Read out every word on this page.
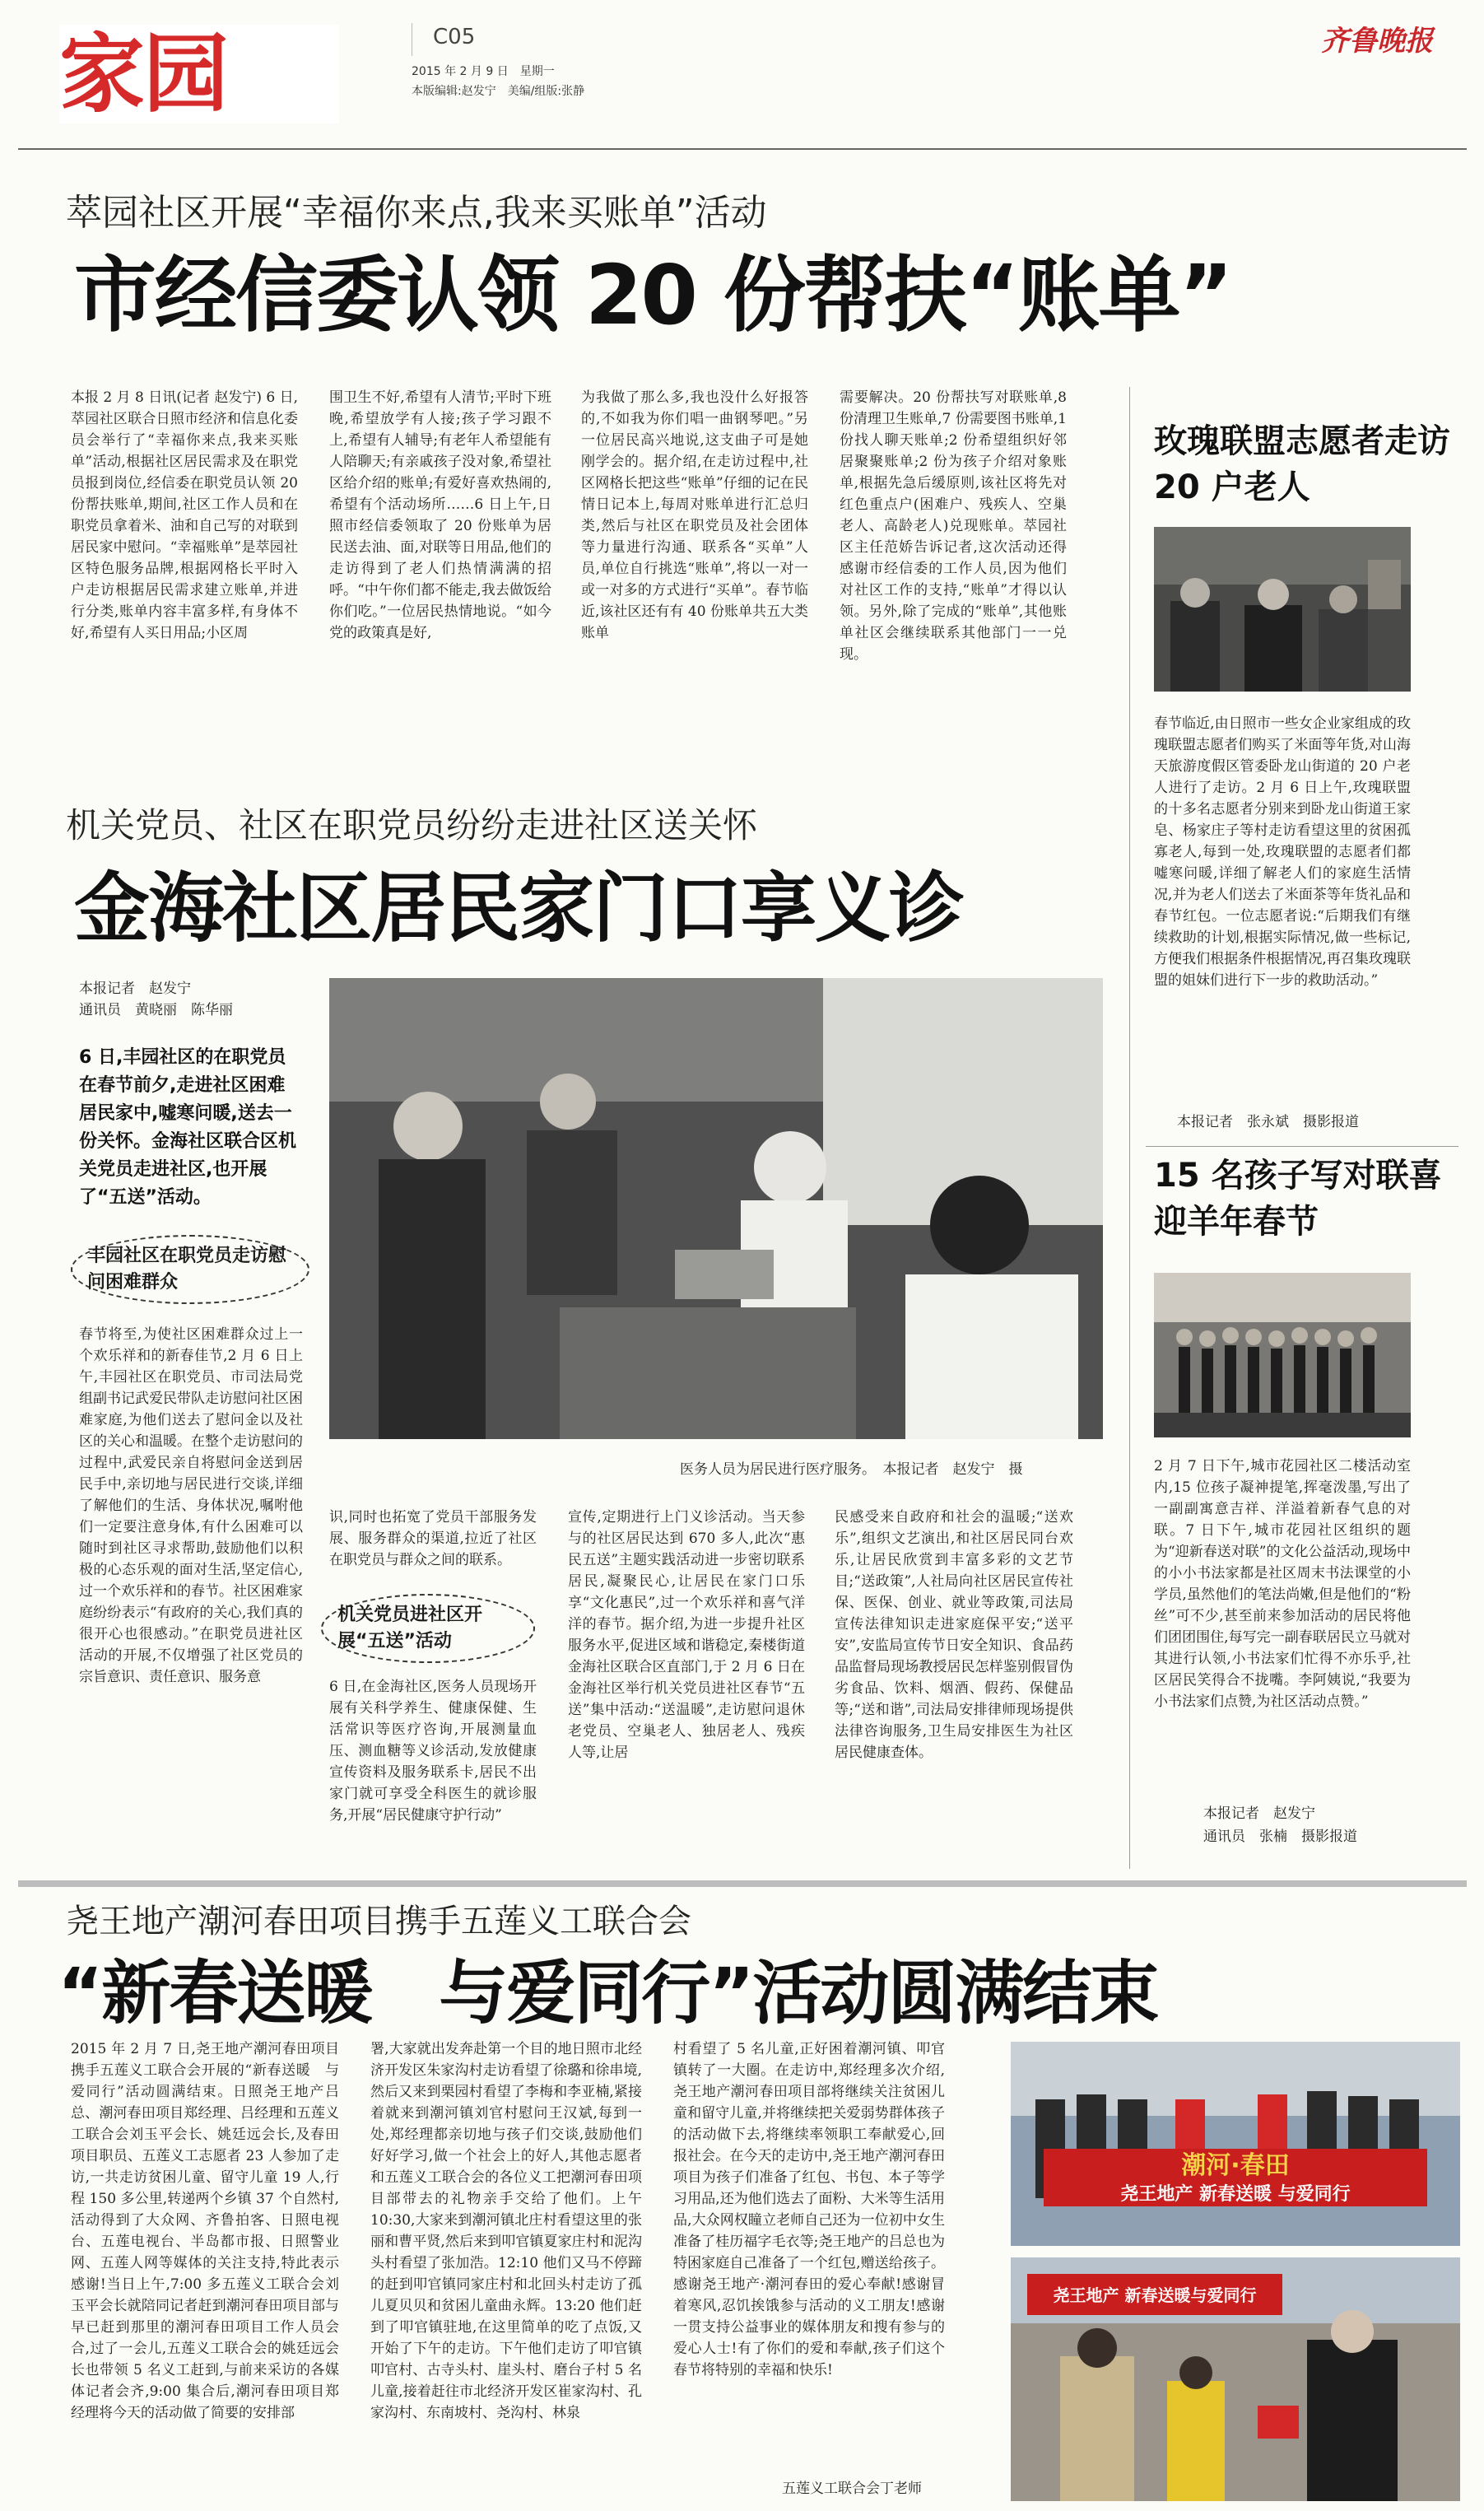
家园	C05
2015 年 2 月 9 日　星期一
本版编辑:赵发宁　美编/组版:张静
齐鲁晚报
萃园社区开展“幸福你来点,我来买账单”活动
市经信委认领 20 份帮扶“账单”
本报 2 月 8 日讯(记者 赵发宁) 6 日,萃园社区联合日照市经济和信息化委员会举行了“幸福你来点,我来买账单”活动,根据社区居民需求及在职党员报到岗位,经信委在职党员认领 20 份帮扶账单,期间,社区工作人员和在职党员拿着米、油和自己写的对联到居民家中慰问。“幸福账单”是萃园社区特色服务品牌,根据网格长平时入户走访根据居民需求建立账单,并进行分类,账单内容丰富多样,有身体不好,希望有人买日用品;小区周
围卫生不好,希望有人清节;平时下班晚,希望放学有人接;孩子学习跟不上,希望有人辅导;有老年人希望能有人陪聊天;有亲戚孩子没对象,希望社区给介绍的账单;有爱好喜欢热闹的,希望有个活动场所……6 日上午,日照市经信委领取了 20 份账单为居民送去油、面,对联等日用品,他们的走访得到了老人们热情满满的招呼。“中午你们都不能走,我去做饭给你们吃。”一位居民热情地说。“如今党的政策真是好,
为我做了那么多,我也没什么好报答的,不如我为你们唱一曲钢琴吧。”另一位居民高兴地说,这支曲子可是她刚学会的。据介绍,在走访过程中,社区网格长把这些“账单”仔细的记在民情日记本上,每周对账单进行汇总归类,然后与社区在职党员及社会团体等力量进行沟通、联系各“买单”人员,单位自行挑选“账单”,将以一对一或一对多的方式进行“买单”。春节临近,该社区还有有 40 份账单共五大类账单
需要解决。20 份帮扶写对联账单,8 份清理卫生账单,7 份需要图书账单,1 份找人聊天账单;2 份希望组织好邻居聚聚账单;2 份为孩子介绍对象账单,根据先急后缓原则,该社区将先对红色重点户(困难户、残疾人、空巢老人、高龄老人)兑现账单。萃园社区主任范娇告诉记者,这次活动还得感谢市经信委的工作人员,因为他们对社区工作的支持,“账单”才得以认领。另外,除了完成的“账单”,其他账单社区会继续联系其他部门一一兑现。
玫瑰联盟志愿者走访 20 户老人
春节临近,由日照市一些女企业家组成的玫瑰联盟志愿者们购买了米面等年货,对山海天旅游度假区管委卧龙山街道的 20 户老人进行了走访。2 月 6 日上午,玫瑰联盟的十多名志愿者分别来到卧龙山街道王家皂、杨家庄子等村走访看望这里的贫困孤寡老人,每到一处,玫瑰联盟的志愿者们都嘘寒问暖,详细了解老人们的家庭生活情况,并为老人们送去了米面茶等年货礼品和春节红包。一位志愿者说:“后期我们有继续救助的计划,根据实际情况,做一些标记,方便我们根据条件根据情况,再召集玫瑰联盟的姐妹们进行下一步的救助活动。”
本报记者　张永斌　摄影报道
15 名孩子写对联喜迎羊年春节
2 月 7 日下午,城市花园社区二楼活动室内,15 位孩子凝神提笔,挥毫泼墨,写出了一副副寓意吉祥、洋溢着新春气息的对联。7 日下午,城市花园社区组织的题为“迎新春送对联”的文化公益活动,现场中的小小书法家都是社区周末书法课堂的小学员,虽然他们的笔法尚嫩,但是他们的“粉丝”可不少,甚至前来参加活动的居民将他们团团围住,每写完一副春联居民立马就对其进行认领,小书法家们忙得不亦乐乎,社区居民笑得合不拢嘴。李阿姨说,“我要为小书法家们点赞,为社区活动点赞。”
本报记者　赵发宁
通讯员　张楠　摄影报道
机关党员、社区在职党员纷纷走进社区送关怀
金海社区居民家门口享义诊
本报记者　赵发宁
通讯员　黄晓丽　陈华丽
6 日,丰园社区的在职党员在春节前夕,走进社区困难居民家中,嘘寒问暖,送去一份关怀。金海社区联合区机关党员走进社区,也开展了“五送”活动。
丰园社区在职党员走访慰问困难群众
春节将至,为使社区困难群众过上一个欢乐祥和的新春佳节,2 月 6 日上午,丰园社区在职党员、市司法局党组副书记武爱民带队走访慰问社区困难家庭,为他们送去了慰问金以及社区的关心和温暖。在整个走访慰问的过程中,武爱民亲自将慰问金送到居民手中,亲切地与居民进行交谈,详细了解他们的生活、身体状况,嘱咐他们一定要注意身体,有什么困难可以随时到社区寻求帮助,鼓励他们以积极的心态乐观的面对生活,坚定信心,过一个欢乐祥和的春节。社区困难家庭纷纷表示“有政府的关心,我们真的很开心也很感动。”在职党员进社区活动的开展,不仅增强了社区党员的宗旨意识、责任意识、服务意
医务人员为居民进行医疗服务。　本报记者　赵发宁　摄
识,同时也拓宽了党员干部服务发展、服务群众的渠道,拉近了社区在职党员与群众之间的联系。
机关党员进社区开展“五送”活动
6 日,在金海社区,医务人员现场开展有关科学养生、健康保健、生活常识等医疗咨询,开展测量血压、测血糖等义诊活动,发放健康宣传资料及服务联系卡,居民不出家门就可享受全科医生的就诊服务,开展“居民健康守护行动”
宣传,定期进行上门义诊活动。当天参与的社区居民达到 670 多人,此次“惠民五送”主题实践活动进一步密切联系居民,凝聚民心,让居民在家门口乐享“文化惠民”,过一个欢乐祥和喜气洋洋的春节。据介绍,为进一步提升社区服务水平,促进区域和谐稳定,秦楼街道金海社区联合区直部门,于 2 月 6 日在金海社区举行机关党员进社区春节“五送”集中活动:“送温暖”,走访慰问退休老党员、空巢老人、独居老人、残疾人等,让居
民感受来自政府和社会的温暖;“送欢乐”,组织文艺演出,和社区居民同台欢乐,让居民欣赏到丰富多彩的文艺节目;“送政策”,人社局向社区居民宣传社保、医保、创业、就业等政策,司法局宣传法律知识走进家庭保平安;“送平安”,安监局宣传节日安全知识、食品药品监督局现场教授居民怎样鉴别假冒伪劣食品、饮料、烟酒、假药、保健品等;“送和谐”,司法局安排律师现场提供法律咨询服务,卫生局安排医生为社区居民健康查体。
尧王地产潮河春田项目携手五莲义工联合会
“新春送暖　与爱同行”活动圆满结束
2015 年 2 月 7 日,尧王地产潮河春田项目携手五莲义工联合会开展的“新春送暖　与爱同行”活动圆满结束。日照尧王地产吕总、潮河春田项目郑经理、吕经理和五莲义工联合会刘玉平会长、姚廷远会长,及春田项目职员、五莲义工志愿者 23 人参加了走访,一共走访贫困儿童、留守儿童 19 人,行程 150 多公里,转递两个乡镇 37 个自然村,活动得到了大众网、齐鲁拍客、日照电视台、五莲电视台、半岛都市报、日照警业网、五莲人网等媒体的关注支持,特此表示感谢!当日上午,7:00 多五莲义工联合会刘玉平会长就陪同记者赶到潮河春田项目部与早已赶到那里的潮河春田项目工作人员会合,过了一会儿,五莲义工联合会的姚廷远会长也带领 5 名义工赶到,与前来采访的各媒体记者会齐,9:00 集合后,潮河春田项目郑经理将今天的活动做了简要的安排部
署,大家就出发奔赴第一个目的地日照市北经济开发区朱家沟村走访看望了徐璐和徐串境,然后又来到栗园村看望了李梅和李亚楠,紧接着就来到潮河镇刘官村慰问王汉斌,每到一处,郑经理都亲切地与孩子们交谈,鼓励他们好好学习,做一个社会上的好人,其他志愿者和五莲义工联合会的各位义工把潮河春田项目部带去的礼物亲手交给了他们。上午 10:30,大家来到潮河镇北庄村看望这里的张丽和曹平贤,然后来到叩官镇夏家庄村和泥沟头村看望了张加浩。12:10 他们又马不停蹄的赶到叩官镇同家庄村和北回头村走访了孤儿夏贝贝和贫困儿童曲永辉。13:20 他们赶到了叩官镇驻地,在这里简单的吃了点饭,又开始了下午的走访。下午他们走访了叩官镇叩官村、古寺头村、崖头村、磨台子村 5 名儿童,接着赶往市北经济开发区崔家沟村、孔家沟村、东南坡村、尧沟村、林泉
村看望了 5 名儿童,正好困着潮河镇、叩官镇转了一大圈。在走访中,郑经理多次介绍,尧王地产潮河春田项目部将继续关注贫困儿童和留守儿童,并将继续把关爱弱势群体孩子的活动做下去,将继续率领职工奉献爱心,回报社会。在今天的走访中,尧王地产潮河春田项目为孩子们准备了红包、书包、本子等学习用品,还为他们选去了面粉、大米等生活用品,大众网权瞳立老师自己还为一位初中女生准备了桂历福字毛衣等;尧王地产的吕总也为特困家庭自己准备了一个红包,赠送给孩子。感谢尧王地产·潮河春田的爱心奉献!感谢冒着寒风,忍饥挨饿参与活动的义工朋友!感谢一贯支持公益事业的媒体朋友和搜有参与的爱心人士!有了你们的爱和奉献,孩子们这个春节将特别的幸福和快乐!
五莲义工联合会丁老师
潮河·春田
尧王地产 新春送暖 与爱同行
尧王地产 新春送暖与爱同行
